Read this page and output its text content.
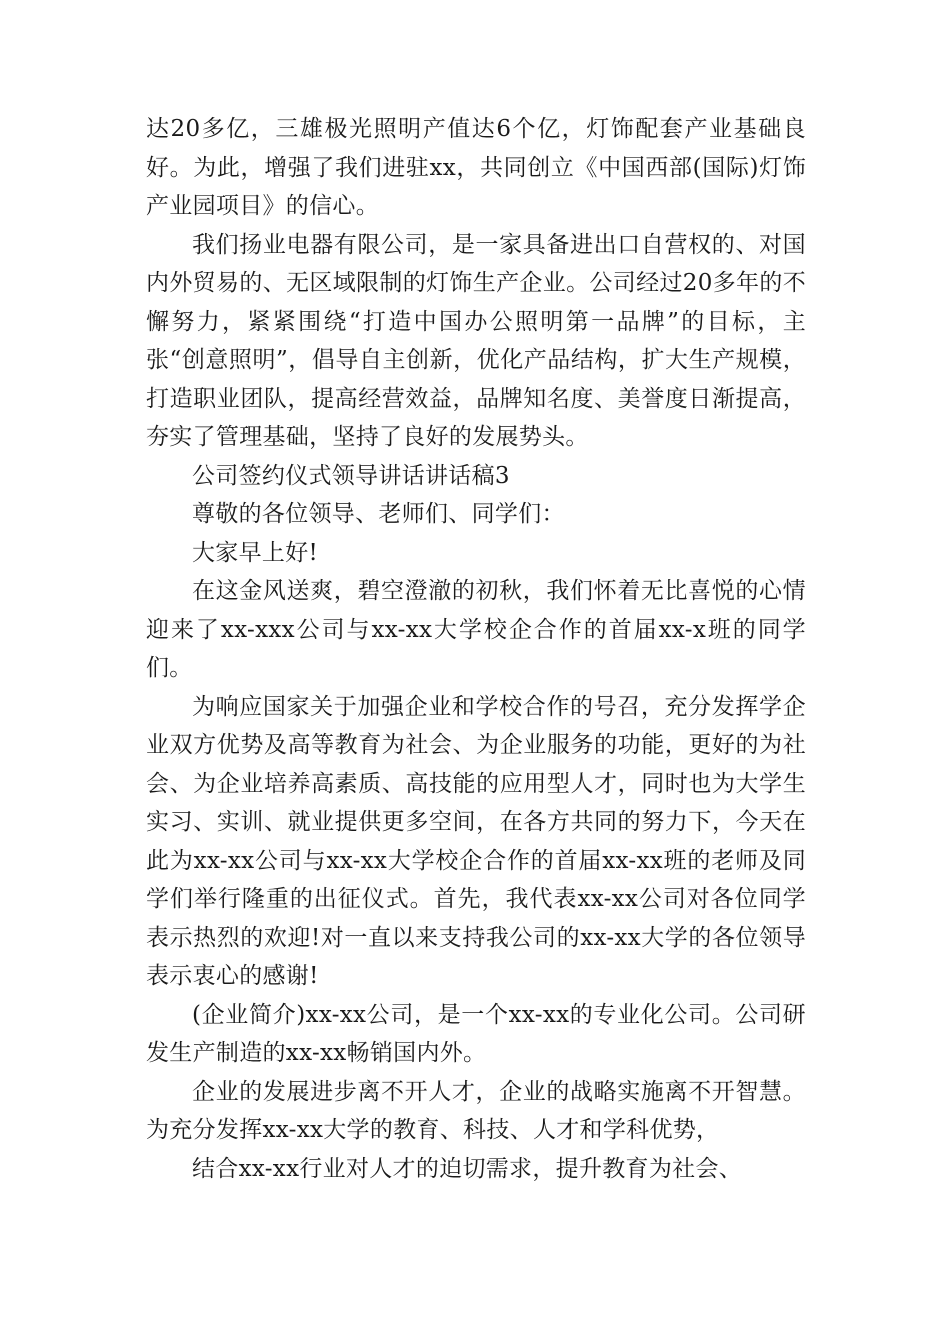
达20多亿，三雄极光照明产值达6个亿，灯饰配套产业基础良好。为此，增强了我们进驻xx，共同创立《中国西部(国际)灯饰产业园项目》的信心。

我们扬业电器有限公司，是一家具备进出口自营权的、对国内外贸易的、无区域限制的灯饰生产企业。公司经过20多年的不懈努力，紧紧围绕“打造中国办公照明第一品牌”的目标，主张“创意照明”，倡导自主创新，优化产品结构，扩大生产规模，打造职业团队，提高经营效益，品牌知名度、美誉度日渐提高，夯实了管理基础，坚持了良好的发展势头。

公司签约仪式领导讲话讲话稿3

尊敬的各位领导、老师们、同学们：

大家早上好!

在这金风送爽，碧空澄澈的初秋，我们怀着无比喜悦的心情迎来了xx-xxx公司与xx-xx大学校企合作的首届xx-x班的同学们。

为响应国家关于加强企业和学校合作的号召，充分发挥学企业双方优势及高等教育为社会、为企业服务的功能，更好的为社会、为企业培养高素质、高技能的应用型人才，同时也为大学生实习、实训、就业提供更多空间，在各方共同的努力下，今天在此为xx-xx公司与xx-xx大学校企合作的首届xx-xx班的老师及同学们举行隆重的出征仪式。首先，我代表xx-xx公司对各位同学表示热烈的欢迎!对一直以来支持我公司的xx-xx大学的各位领导表示衷心的感谢!

(企业简介)xx-xx公司，是一个xx-xx的专业化公司。公司研发生产制造的xx-xx畅销国内外。

企业的发展进步离不开人才，企业的战略实施离不开智慧。为充分发挥xx-xx大学的教育、科技、人才和学科优势，

结合xx-xx行业对人才的迫切需求，提升教育为社会、
